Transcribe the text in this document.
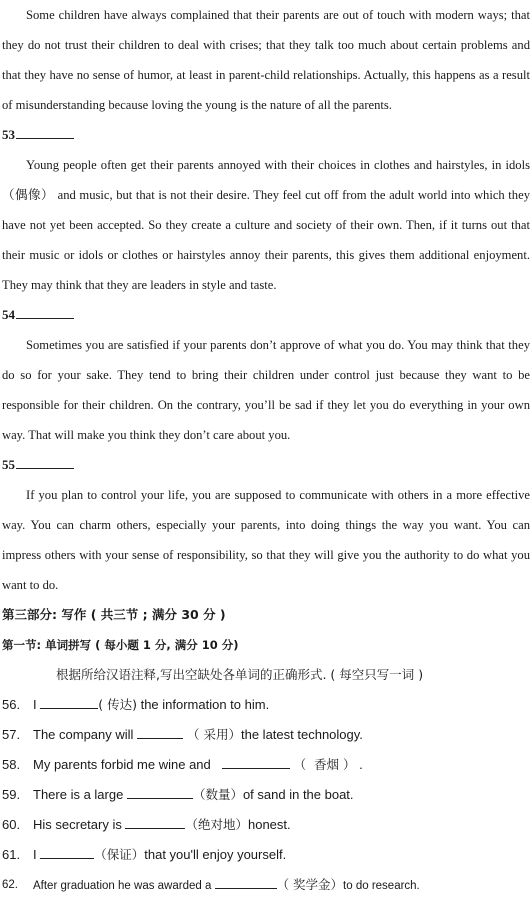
Some children have always complained that their parents are out of touch with modern ways; that they do not trust their children to deal with crises; that they talk too much about certain problems and that they have no sense of humor, at least in parent-child relationships. Actually, this happens as a result of misunderstanding because loving the young is the nature of all the parents.

53

Young people often get their parents annoyed with their choices in clothes and hairstyles, in idols （偶像） and music, but that is not their desire. They feel cut off from the adult world into which they have not yet been accepted. So they create a culture and society of their own. Then, if it turns out that their music or idols or clothes or hairstyles annoy their parents, this gives them additional enjoyment. They may think that they are leaders in style and taste.

54

Sometimes you are satisfied if your parents don’t approve of what you do. You may think that they do so for your sake. They tend to bring their children under control just because they want to be responsible for their children. On the contrary, you’ll be sad if they let you do everything in your own way. That will make you think they don’t care about you.

55

If you plan to control your life, you are supposed to communicate with others in a more effective way. You can charm others, especially your parents, into doing things the way you want. You can impress others with your sense of responsibility, so that they will give you the authority to do what you want to do.

第三部分: 写作 ( 共三节 ; 满分 30 分 )
第一节: 单词拼写 ( 每小题 1 分, 满分 10 分)
根据所给汉语注释,写出空缺处各单词的正确形式. ( 每空只写一词 )
56. I	( 传达) the information to him.
57. The company will	（ 采用）the latest technology.
58. My parents forbid me wine and	（  香烟 ） .
59. There is a large	（数量）of sand in the boat.
60. His secretary is	（绝对地）honest.
61. I	（保证）that you'll enjoy yourself.
62. After graduation he was awarded a	（ 奖学金）to do research.
